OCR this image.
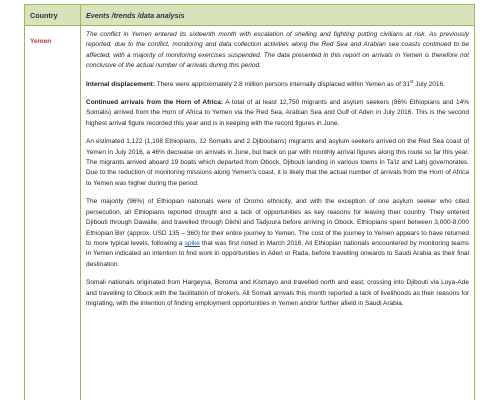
Country	Events /trends /data analysis
Yemen

The conflict in Yemen entered its sixteenth month with escalation of shelling and fighting putting civilians at risk. As previously reported, due to the conflict, monitoring and data collection activities along the Red Sea and Arabian sea coasts continued to be affected, with a majority of monitoring exercises suspended. The data presented in this report on arrivals in Yemen is therefore not conclusive of the actual number of arrivals during this period.

Internal displacement: There were approximately 2.8 million persons internally displaced within Yemen as of 31st July 2016.

Continued arrivals from the Horn of Africa: A total of at least 12,750 migrants and asylum seekers (86% Ethiopians and 14% Somalis) arrived from the Horn of Africa to Yemen via the Red Sea, Arabian Sea and Gulf of Aden in July 2016. This is the second highest arrival figure recorded this year and is in keeping with the record figures in June.

An estimated 1,122 (1,108 Ethiopians, 12 Somalis and 2 Djiboutians) migrants and asylum seekers arrived on the Red Sea coast of Yemen in July 2016, a 46% decrease on arrivals in June, but back on par with monthly arrival figures along this route so far this year. The migrants arrived aboard 19 boats which departed from Obock, Djibouti landing in various towns in Ta'iz and Lahj governorates. Due to the reduction of monitoring missions along Yemen's coast, it is likely that the actual number of arrivals from the Horn of Africa to Yemen was higher during the period.

The majority (96%) of Ethiopian nationals were of Oromo ethnicity, and with the exception of one asylum seeker who cited persecution, all Ethiopians reported drought and a lack of opportunities as key reasons for leaving their country. They entered Djibouti through Dawalle, and travelled through Dikhil and Tadjoura before arriving in Obock. Ethiopians spent between 3,000-8,000 Ethiopian Birr (approx. USD 135 – 360) for their entire journey to Yemen. The cost of the journey to Yemen appears to have returned to more typical levels, following a spike that was first noted in March 2016. All Ethiopian nationals encountered by monitoring teams in Yemen indicated an intention to find work in opportunities in Aden or Rada, before travelling onwards to Saudi Arabia as their final destination.

Somali nationals originated from Hargeysa, Boroma and Kismayo and travelled north and east, crossing into Djibouti via Loya-Ade and travelling to Obock with the facilitation of brokers. All Somali arrivals this month reported a lack of livelihoods as their reasons for migrating, with the intention of finding employment opportunities in Yemen and/or further afield in Saudi Arabia.
